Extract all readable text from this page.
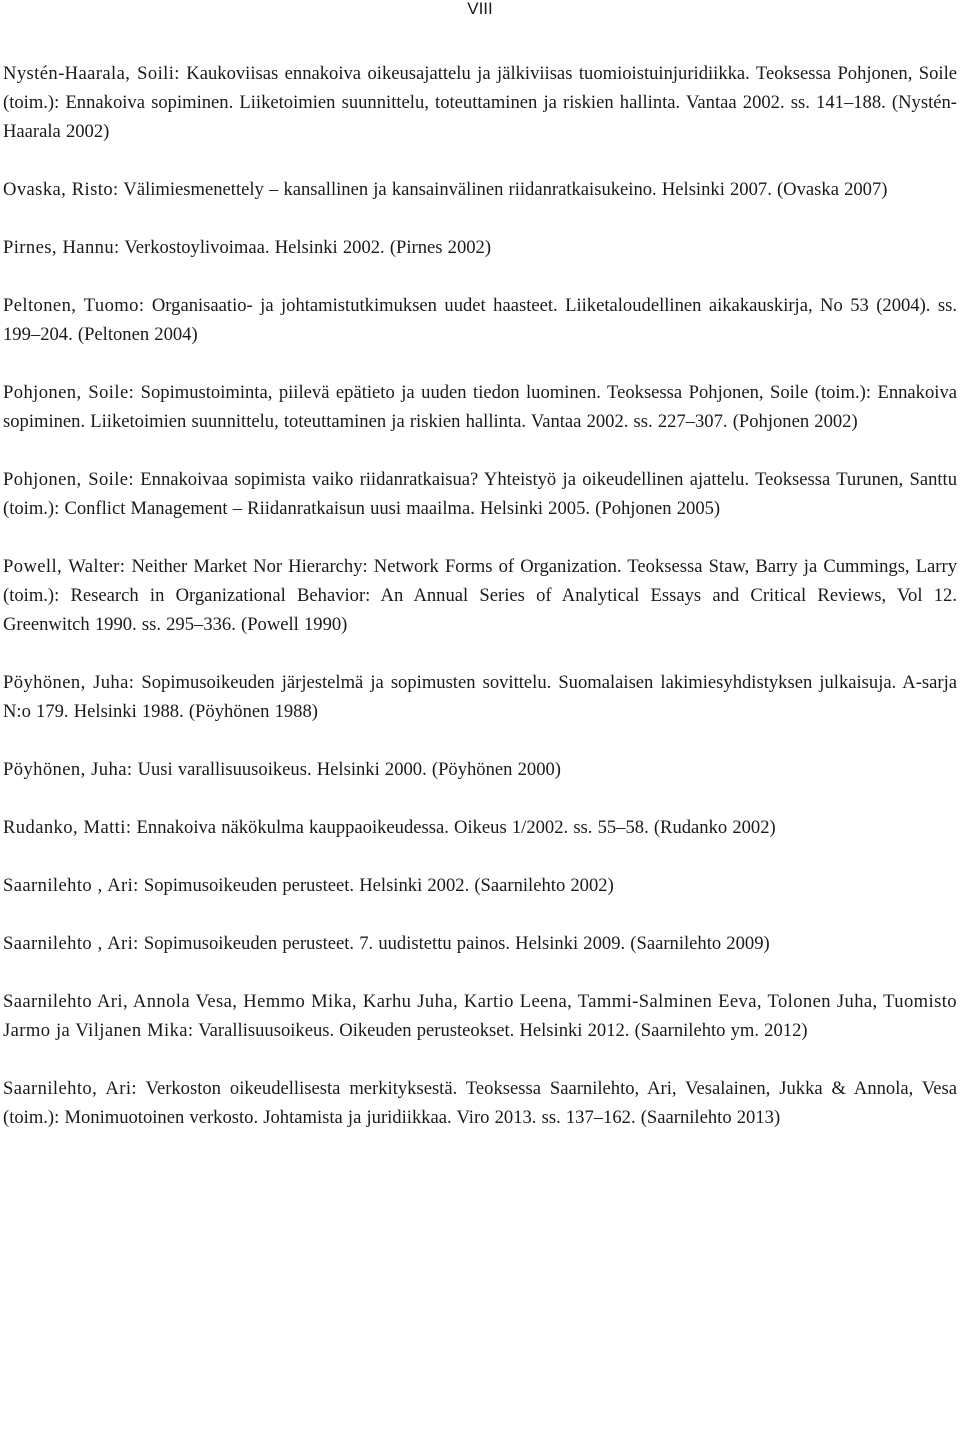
VIII
Nystén-Haarala, Soili: Kaukoviisas ennakoiva oikeusajattelu ja jälkiviisas tuomioistuinjuridiikka. Teoksessa Pohjonen, Soile (toim.): Ennakoiva sopiminen. Liiketoimien suunnittelu, toteuttaminen ja riskien hallinta. Vantaa 2002. ss. 141–188. (Nystén-Haarala 2002)
Ovaska, Risto: Välimiesmenettely – kansallinen ja kansainvälinen riidanratkaisukeino. Helsinki 2007. (Ovaska 2007)
Pirnes, Hannu: Verkostoylivoimaa. Helsinki 2002. (Pirnes 2002)
Peltonen, Tuomo: Organisaatio- ja johtamistutkimuksen uudet haasteet. Liiketaloudellinen aikakauskirja, No 53 (2004). ss. 199–204. (Peltonen 2004)
Pohjonen, Soile: Sopimustoiminta, piilevä epätieto ja uuden tiedon luominen. Teoksessa Pohjonen, Soile (toim.): Ennakoiva sopiminen. Liiketoimien suunnittelu, toteuttaminen ja riskien hallinta. Vantaa 2002. ss. 227–307. (Pohjonen 2002)
Pohjonen, Soile: Ennakoivaa sopimista vaiko riidanratkaisua? Yhteistyö ja oikeudellinen ajattelu. Teoksessa Turunen, Santtu (toim.): Conflict Management – Riidanratkaisun uusi maailma. Helsinki 2005. (Pohjonen 2005)
Powell, Walter: Neither Market Nor Hierarchy: Network Forms of Organization. Teoksessa Staw, Barry ja Cummings, Larry (toim.): Research in Organizational Behavior: An Annual Series of Analytical Essays and Critical Reviews, Vol 12. Greenwitch 1990. ss. 295–336. (Powell 1990)
Pöyhönen, Juha: Sopimusoikeuden järjestelmä ja sopimusten sovittelu. Suomalaisen lakimiesyhdistyksen julkaisuja. A-sarja N:o 179. Helsinki 1988. (Pöyhönen 1988)
Pöyhönen, Juha: Uusi varallisuusoikeus. Helsinki 2000. (Pöyhönen 2000)
Rudanko, Matti: Ennakoiva näkökulma kauppaoikeudessa. Oikeus 1/2002. ss. 55–58. (Rudanko 2002)
Saarnilehto , Ari: Sopimusoikeuden perusteet. Helsinki 2002. (Saarnilehto 2002)
Saarnilehto , Ari: Sopimusoikeuden perusteet. 7. uudistettu painos. Helsinki 2009. (Saarnilehto 2009)
Saarnilehto Ari, Annola Vesa, Hemmo Mika, Karhu Juha, Kartio Leena, Tammi-Salminen Eeva, Tolonen Juha, Tuomisto Jarmo ja Viljanen Mika: Varallisuusoikeus. Oikeuden perusteokset. Helsinki 2012. (Saarnilehto ym. 2012)
Saarnilehto, Ari: Verkoston oikeudellisesta merkityksestä. Teoksessa Saarnilehto, Ari, Vesalainen, Jukka & Annola, Vesa (toim.): Monimuotoinen verkosto. Johtamista ja juridiikkaa. Viro 2013. ss. 137–162. (Saarnilehto 2013)
